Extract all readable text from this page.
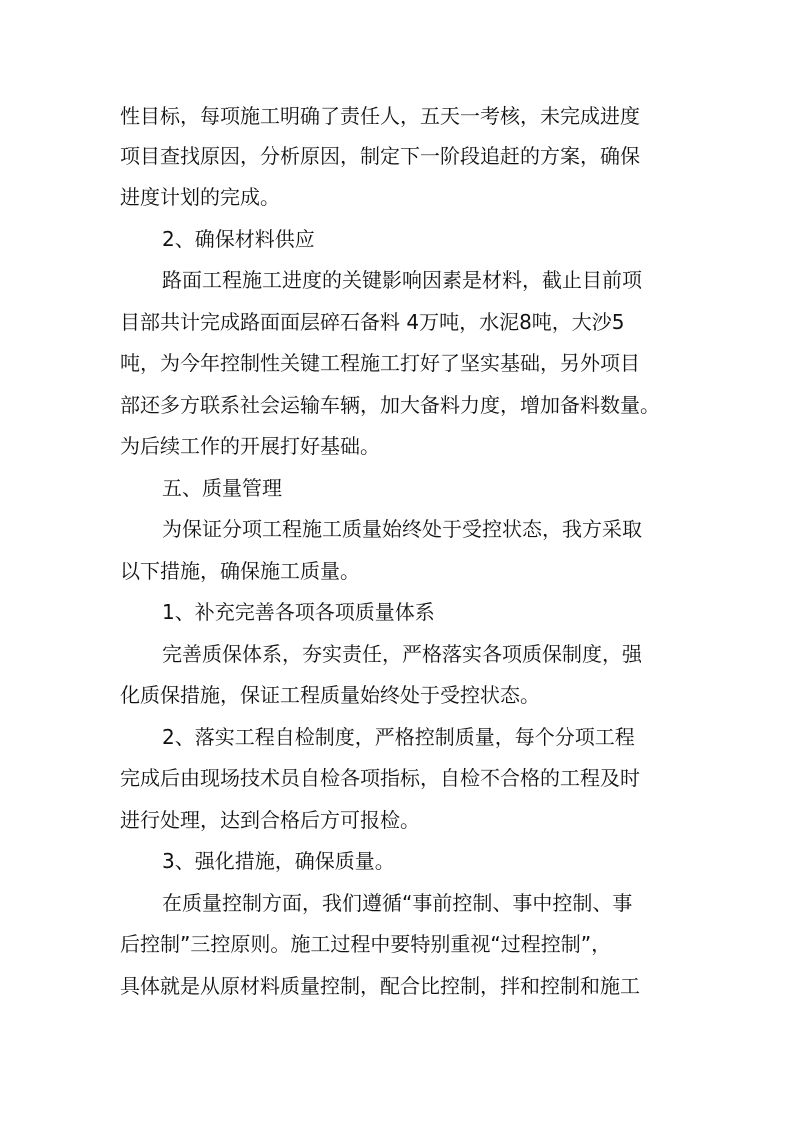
性目标，每项施工明确了责任人，五天一考核，未完成进度
项目查找原因，分析原因，制定下一阶段追赶的方案，确保
进度计划的完成。
2、确保材料供应
路面工程施工进度的关键影响因素是材料，截止目前项
目部共计完成路面面层碎石备料 4万吨，水泥8吨，大沙5
吨，为今年控制性关键工程施工打好了坚实基础，另外项目
部还多方联系社会运输车辆，加大备料力度，增加备料数量。
为后续工作的开展打好基础。
五、质量管理
为保证分项工程施工质量始终处于受控状态，我方采取
以下措施，确保施工质量。
1、补充完善各项各项质量体系
完善质保体系，夯实责任，严格落实各项质保制度，强
化质保措施，保证工程质量始终处于受控状态。
2、落实工程自检制度，严格控制质量，每个分项工程
完成后由现场技术员自检各项指标，自检不合格的工程及时
进行处理，达到合格后方可报检。
3、强化措施，确保质量。
在质量控制方面，我们遵循“事前控制、事中控制、事
后控制”三控原则。施工过程中要特别重视“过程控制”，
具体就是从原材料质量控制，配合比控制，拌和控制和施工
